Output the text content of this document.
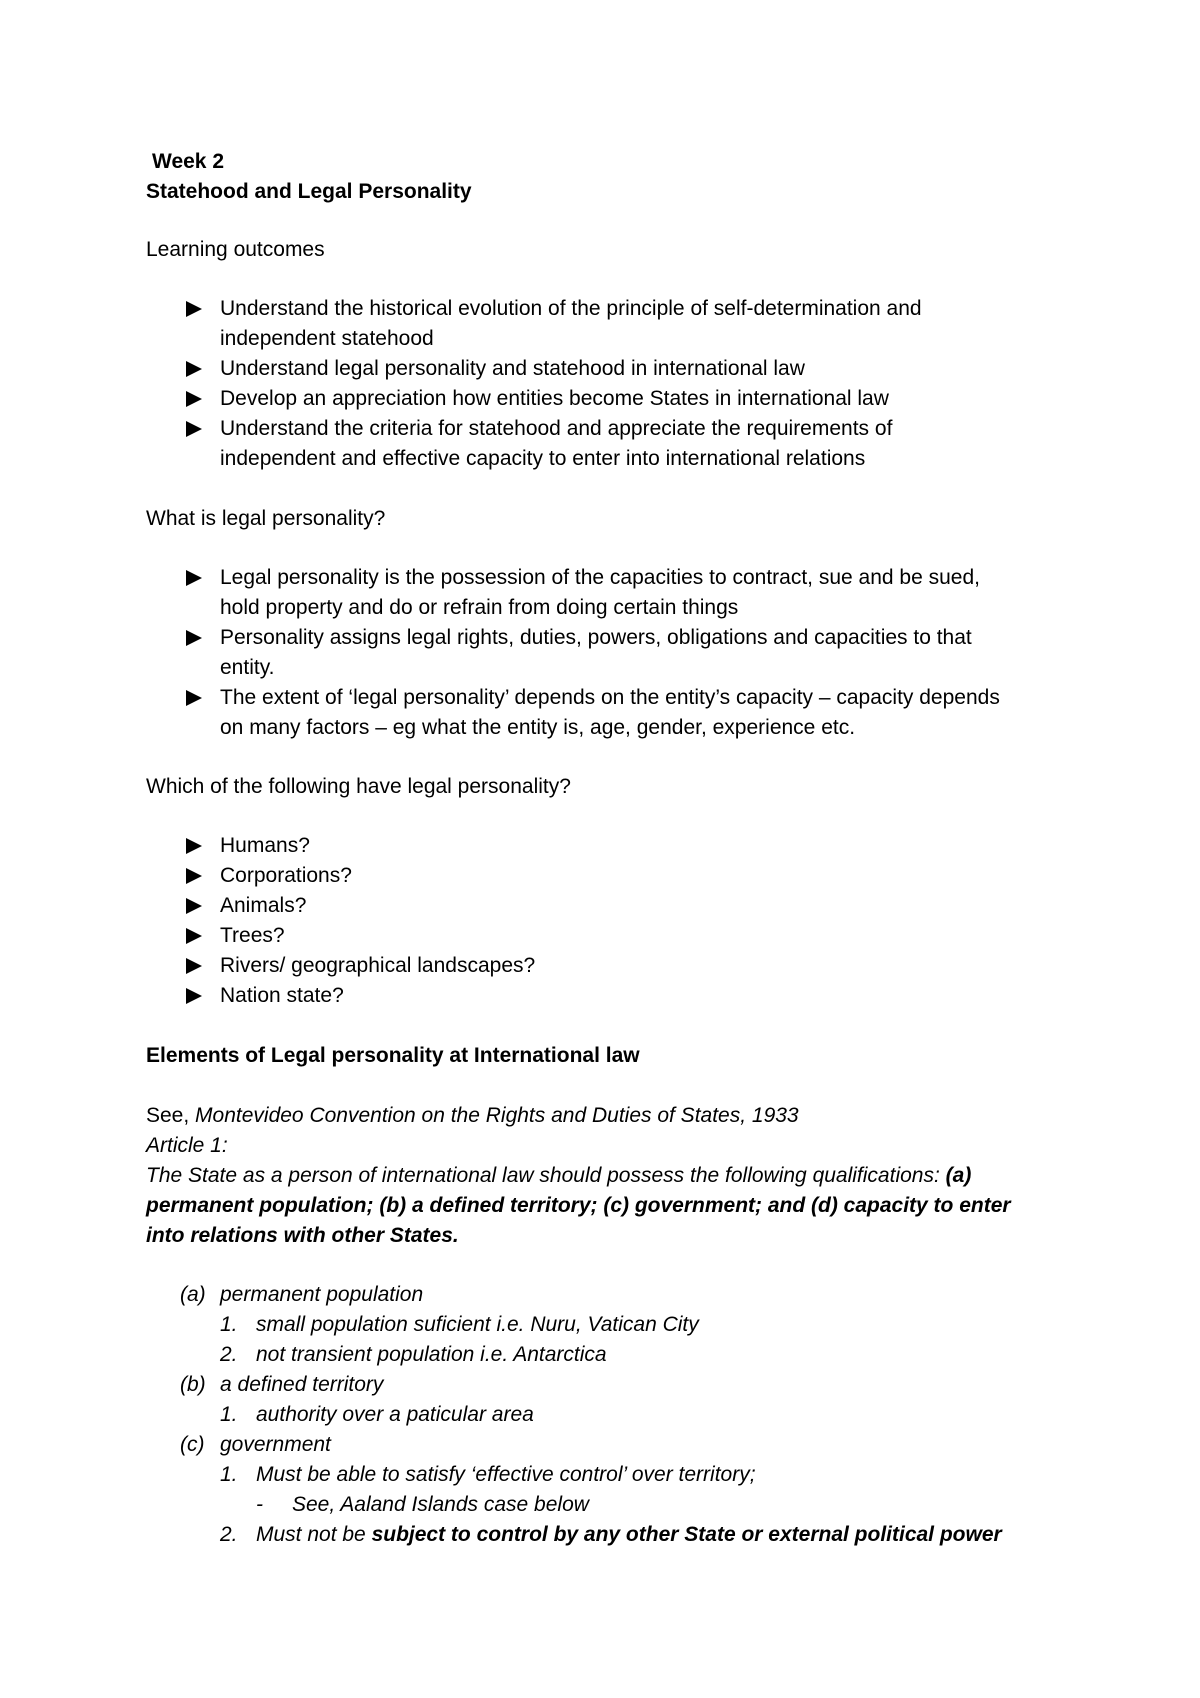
Week 2
Statehood and Legal Personality
Learning outcomes
Understand the historical evolution of the principle of self-determination and
independent statehood
Understand legal personality and statehood in international law
Develop an appreciation how entities become States in international law
Understand the criteria for statehood and appreciate the requirements of
independent and effective capacity to enter into international relations
What is legal personality?
Legal personality is the possession of the capacities to contract, sue and be sued,
hold property and do or refrain from doing certain things
Personality assigns legal rights, duties, powers, obligations and capacities to that
entity.
The extent of ‘legal personality’ depends on the entity’s capacity – capacity depends
on many factors – eg what the entity is, age, gender, experience etc.
Which of the following have legal personality?
Humans?
Corporations?
Animals?
Trees?
Rivers/ geographical landscapes?
Nation state?
Elements of Legal personality at International law
See, Montevideo Convention on the Rights and Duties of States, 1933
Article 1:
The State as a person of international law should possess the following qualifications: (a)
permanent population; (b) a defined territory; (c) government; and (d) capacity to enter
into relations with other States.
(a) permanent population
1. small population suficient i.e. Nuru, Vatican City
2. not transient population i.e. Antarctica
(b) a defined territory
1. authority over a paticular area
(c) government
1. Must be able to satisfy ‘effective control’ over territory;
- See, Aaland Islands case below
2. Must not be subject to control by any other State or external political power
